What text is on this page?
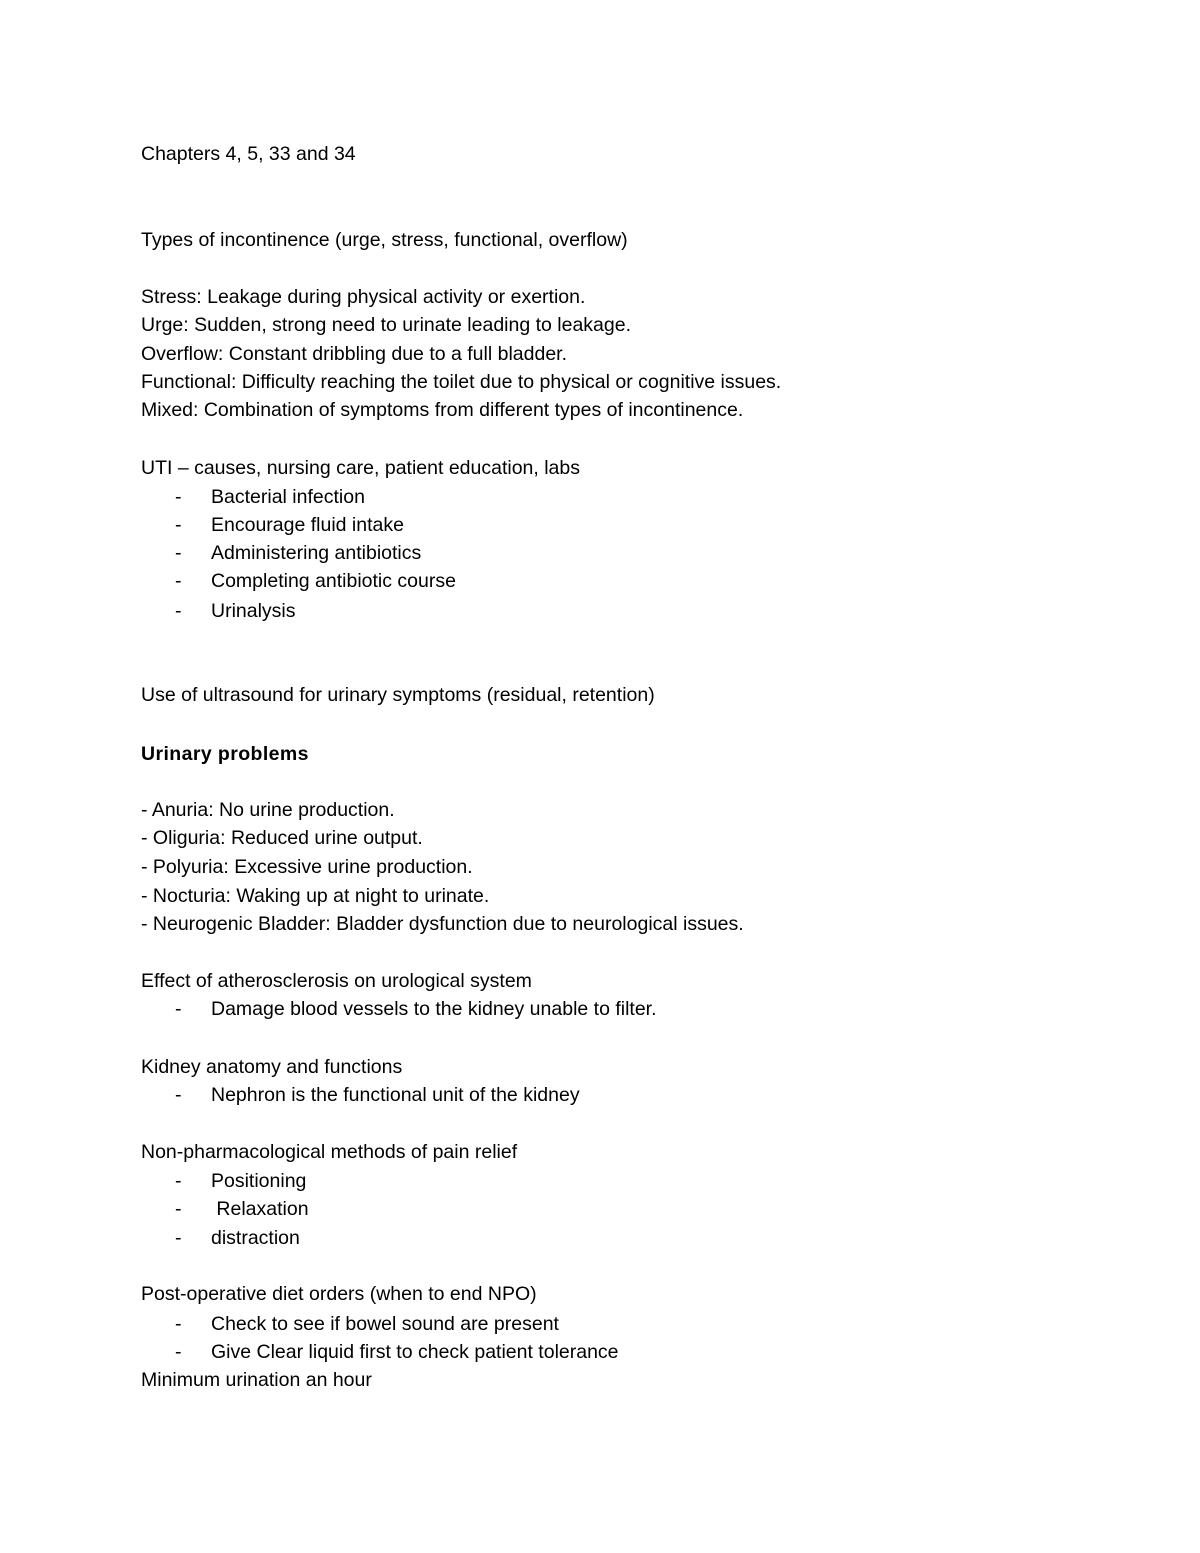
Chapters 4, 5, 33 and 34
Types of incontinence (urge, stress, functional, overflow)
Stress: Leakage during physical activity or exertion.
Urge: Sudden, strong need to urinate leading to leakage.
Overflow: Constant dribbling due to a full bladder.
Functional: Difficulty reaching the toilet due to physical or cognitive issues.
Mixed: Combination of symptoms from different types of incontinence.
UTI – causes, nursing care, patient education, labs
- Bacterial infection
- Encourage fluid intake
- Administering antibiotics
- Completing antibiotic course
- Urinalysis
Use of ultrasound for urinary symptoms (residual, retention)
Urinary problems
- Anuria: No urine production.
- Oliguria: Reduced urine output.
- Polyuria: Excessive urine production.
- Nocturia: Waking up at night to urinate.
- Neurogenic Bladder: Bladder dysfunction due to neurological issues.
Effect of atherosclerosis on urological system
- Damage blood vessels to the kidney unable to filter.
Kidney anatomy and functions
- Nephron is the functional unit of the kidney
Non-pharmacological methods of pain relief
- Positioning
- Relaxation
- distraction
Post-operative diet orders (when to end NPO)
- Check to see if bowel sound are present
- Give Clear liquid first to check patient tolerance
Minimum urination an hour
